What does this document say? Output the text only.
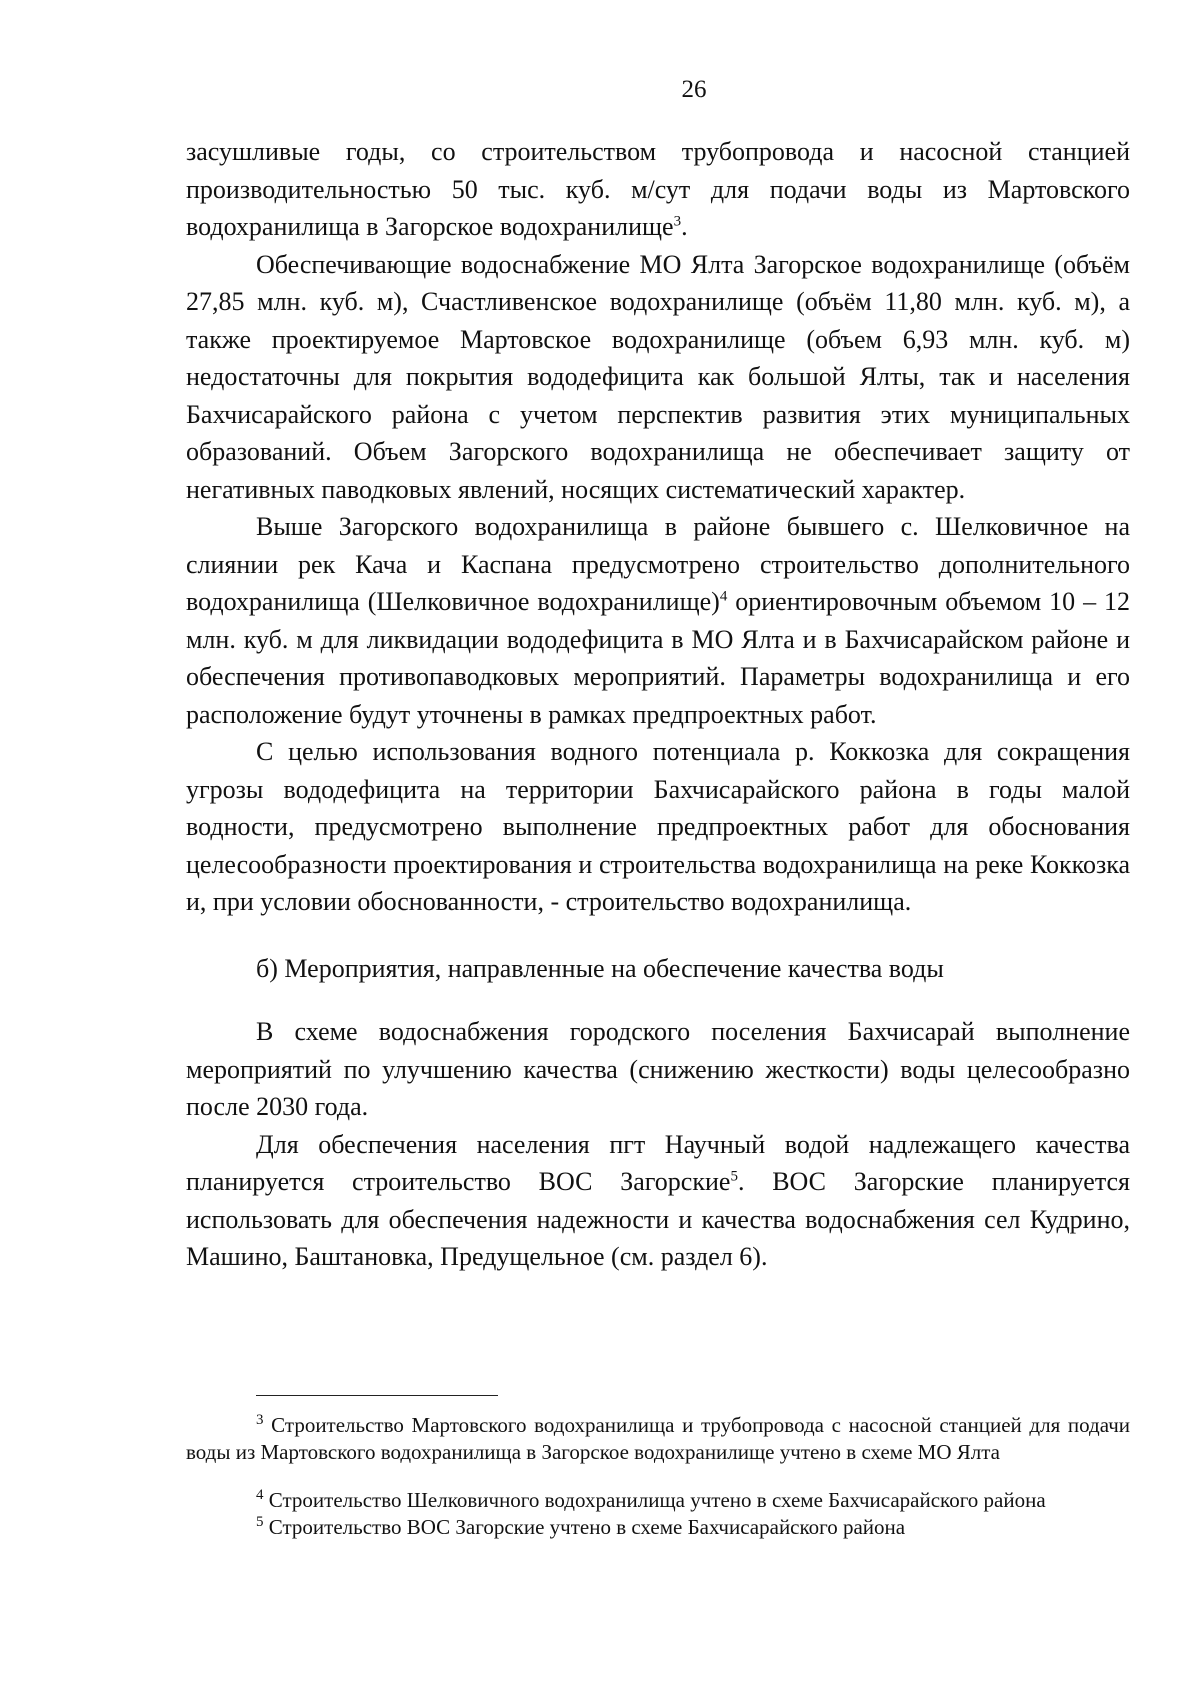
26

засушливые годы, со строительством трубопровода и насосной станцией производительностью 50 тыс. куб. м/сут для подачи воды из Мартовского водохранилища в Загорское водохранилище$^3$.

Обеспечивающие водоснабжение МО Ялта Загорское водохранилище (объём 27,85 млн. куб. м), Счастливенское водохранилище (объём 11,80 млн. куб. м), а также проектируемое Мартовское водохранилище (объем 6,93 млн. куб. м) недостаточны для покрытия вододефицита как большой Ялты, так и населения Бахчисарайского района с учетом перспектив развития этих муниципальных образований. Объем Загорского водохранилища не обеспечивает защиту от негативных паводковых явлений, носящих систематический характер.

Выше Загорского водохранилища в районе бывшего с. Шелковичное на слиянии рек Кача и Каспана предусмотрено строительство дополнительного водохранилища (Шелковичное водохранилище)$^4$ ориентировочным объемом 10 – 12 млн. куб. м для ликвидации вододефицита в МО Ялта и в Бахчисарайском районе и обеспечения противопаводковых мероприятий. Параметры водохранилища и его расположение будут уточнены в рамках предпроектных работ.

С целью использования водного потенциала р. Коккозка для сокращения угрозы вододефицита на территории Бахчисарайского района в годы малой водности, предусмотрено выполнение предпроектных работ для обоснования целесообразности проектирования и строительства водохранилища на реке Коккозка и, при условии обоснованности, - строительство водохранилища.

б) Мероприятия, направленные на обеспечение качества воды

В схеме водоснабжения городского поселения Бахчисарай выполнение мероприятий по улучшению качества (снижению жесткости) воды целесообразно после 2030 года.

Для обеспечения населения пгт Научный водой надлежащего качества планируется строительство ВОС Загорские$^5$. ВОС Загорские планируется использовать для обеспечения надежности и качества водоснабжения сел Кудрино, Машино, Баштановка, Предущельное (см. раздел 6).

$^3$ Строительство Мартовского водохранилища и трубопровода с насосной станцией для подачи воды из Мартовского водохранилища в Загорское водохранилище учтено в схеме МО Ялта

$^4$ Строительство Шелковичного водохранилища учтено в схеме Бахчисарайского района

$^5$ Строительство ВОС Загорские учтено в схеме Бахчисарайского района
